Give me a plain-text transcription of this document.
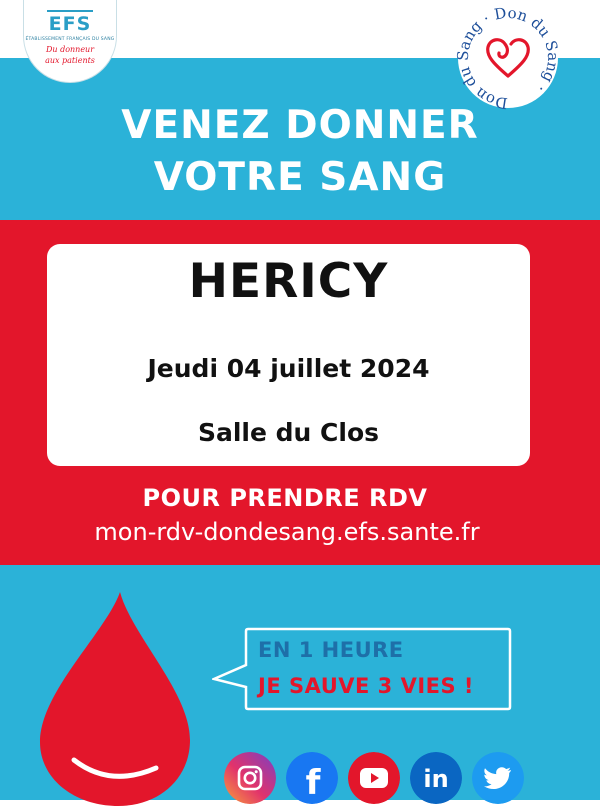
EFS
ÉTABLISSEMENT FRANÇAIS DU SANG
Du donneur
aux patients
Don du Sang · Don du Sang ·
VENEZ DONNER
VOTRE SANG
HERICY
Jeudi 04 juillet 2024
Salle du Clos
POUR PRENDRE RDV
mon-rdv-dondesang.efs.sante.fr
EN 1 HEURE
JE SAUVE 3 VIES !
f	in
